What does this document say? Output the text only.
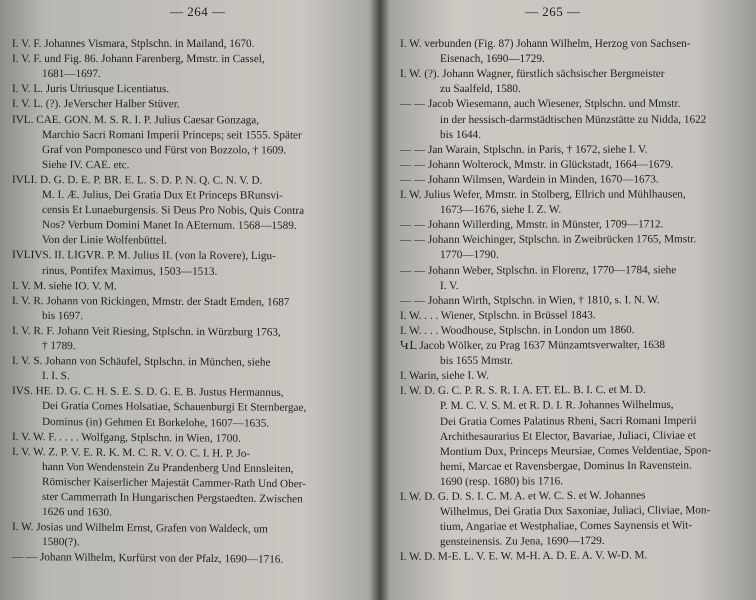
— 264 —
I. V. F. Johannes Vismara, Stplschn. in Mailand, 1670.
I. V. F. und Fig. 86. Johann Farenberg, Mmstr. in Cassel,
1681—1697.
I. V. L. Juris Utriusque Licentiatus.
I. V. L. (?). JeVerscher Halber Stüver.
IVL. CAE. GON. M. S. R. I. P. Julius Caesar Gonzaga,
Marchio Sacri Romani Imperii Princeps; seit 1555. Später
Graf von Pomponesco und Fürst von Bozzolo, † 1609.
Siehe IV. CAE. etc.
IVLI. D. G. D. E. P. BR. E. L. S. D. P. N. Q. C. N. V. D.
M. I. Æ. Julius, Dei Gratia Dux Et Princeps BRunsvi-
censis Et Lunaeburgensis. Si Deus Pro Nobis, Quis Contra
Nos? Verbum Domini Manet In AEternum. 1568—1589.
Von der Linie Wolfenbüttel.
IVLIVS. II. LIGVR. P. M. Julius II. (von la Rovere), Ligu-
rinus, Pontifex Maximus, 1503—1513.
I. V. M. siehe IO. V. M.
I. V. R. Johann von Rickingen, Mmstr. der Stadt Emden, 1687
bis 1697.
I. V. R. F. Johann Veit Riesing, Stplschn. in Würzburg 1763,
† 1789.
I. V. S. Johann von Schäufel, Stplschn. in München, siehe
I. I. S.
IVS. HE. D. G. C. H. S. E. S. D. G. E. B. Justus Hermannus,
Dei Gratia Comes Holsatiae, Schauenburgi Et Sternbergae,
Dominus (in) Gehmen Et Borkelohe, 1607—1635.
I. V. W. F. . . . . Wolfgang, Stplschn. in Wien, 1700.
I. V. W. Z. P. V. E. R. K. M. C. R. V. O. C. I. H. P. Jo-
hann Von Wendenstein Zu Prandenberg Und Ennsleiten,
Römischer Kaiserlicher Majestät Cammer-Rath Und Ober-
ster Cammerrath In Hungarischen Pergstaedten. Zwischen
1626 und 1630.
I. W. Josias und Wilhelm Ernst, Grafen von Waldeck, um
1580(?).
— — Johann Wilhelm, Kurfürst von der Pfalz, 1690—1716.
— 265 —
I. W. verbunden (Fig. 87) Johann Wilhelm, Herzog von Sachsen-
Eisenach, 1690—1729.
I. W. (?). Johann Wagner, fürstlich sächsischer Bergmeister
zu Saalfeld, 1580.
— — Jacob Wiesemann, auch Wiesener, Stplschn. und Mmstr.
in der hessisch-darmstädtischen Münzstätte zu Nidda, 1622
bis 1644.
— — Jan Warain, Stplschn. in Paris, † 1672, siehe I. V.
— — Johann Wolterock, Mmstr. in Glückstadt, 1664—1679.
— — Johann Wilmsen, Wardein in Minden, 1670—1673.
I. W. Julius Wefer, Mmstr. in Stolberg, Ellrich und Mühlhausen,
1673—1676, siehe I. Z. W.
— — Johann Willerding, Mmstr. in Münster, 1709—1712.
— — Johann Weichinger, Stplschn. in Zweibrücken 1765, Mmstr.
1770—1790.
— — Johann Weber, Stplschn. in Florenz, 1770—1784, siehe
I. V.
— — Johann Wirth, Stplschn. in Wien, † 1810, s. I. N. W.
I. W. . . . Wiener, Stplschn. in Brüssel 1843.
I. W. . . . Woodhouse, Stplschn. in London um 1860.
ԿԼ Jacob Wölker, zu Prag 1637 Münzamtsverwalter, 1638
bis 1655 Mmstr.
I. Warin, siehe I. W.
I. W. D. G. C. P. R. S. R. I. A. ET. EL. B. I. C. et M. D.
P. M. C. V. S. M. et R. D. I. R. Johannes Wilhelmus,
Dei Gratia Comes Palatinus Rheni, Sacri Romani Imperii
Archithesaurarius Et Elector, Bavariae, Juliaci, Cliviae et
Montium Dux, Princeps Meursiae, Comes Veldentiae, Spon-
hemi, Marcae et Ravensbergae, Dominus In Ravenstein.
1690 (resp. 1680) bis 1716.
I. W. D. G. D. S. I. C. M. A. et W. C. S. et W. Johannes
Wilhelmus, Dei Gratia Dux Saxoniae, Juliaci, Cliviae, Mon-
tium, Angariae et Westphaliae, Comes Saynensis et Wit-
gensteinensis. Zu Jena, 1690—1729.
I. W. D. M-E. L. V. E. W. M-H. A. D. E. A. V. W-D. M.
